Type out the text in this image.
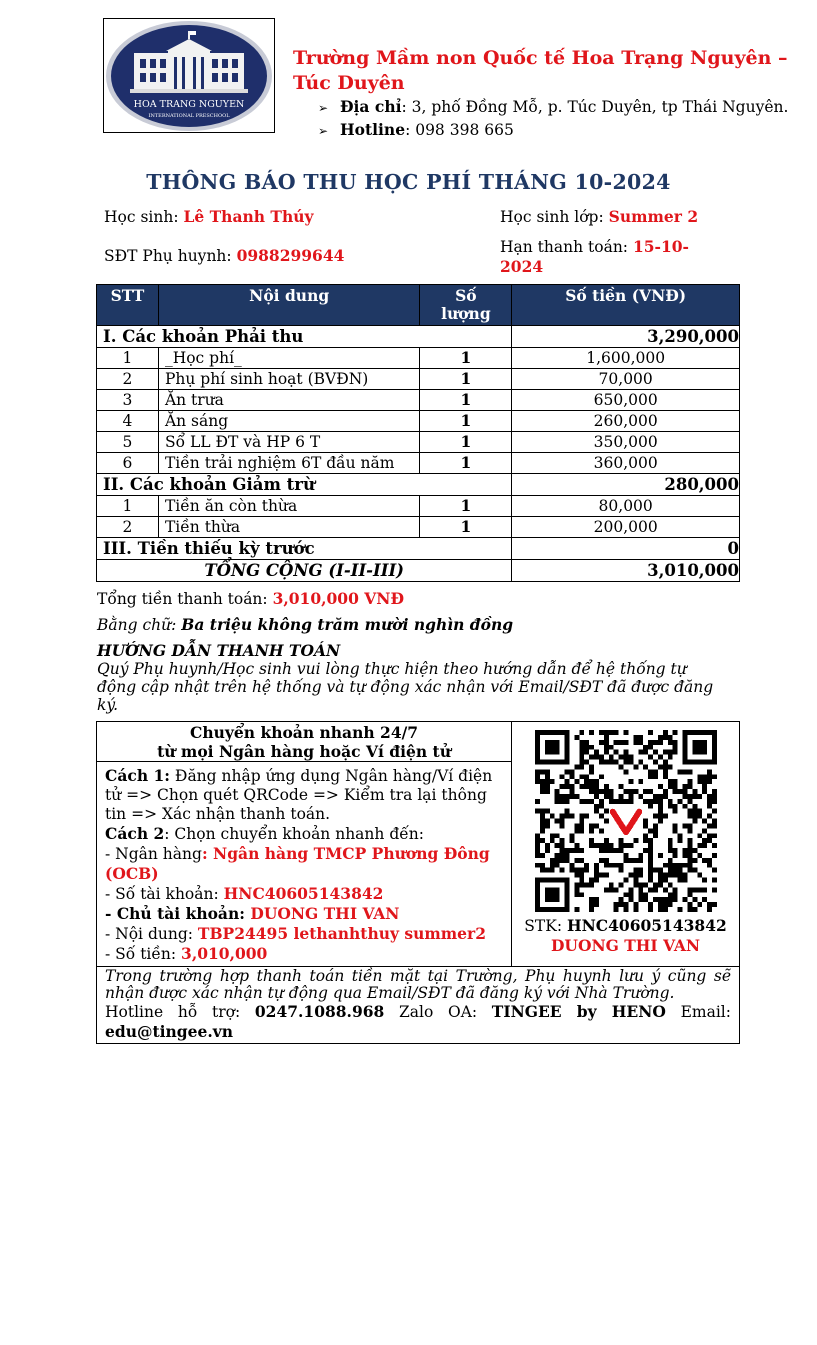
HOA TRANG NGUYEN
INTERNATIONAL PRESCHOOL
Trường Mầm non Quốc tế Hoa Trạng Nguyên – Túc Duyên
➢ Địa chỉ: 3, phố Đồng Mỗ, p. Túc Duyên, tp Thái Nguyên.
➢ Hotline: 098 398 665
THÔNG BÁO THU HỌC PHÍ THÁNG 10-2024
Học sinh: Lê Thanh Thúy	Học sinh lớp: Summer 2
SĐT Phụ huynh: 0988299644	Hạn thanh toán: 15-10-2024
STT	Nội dung	Số lượng	Số tiền (VNĐ)
I. Các khoản Phải thu			3,290,000
1	_Học phí_	1	1,600,000
2	Phụ phí sinh hoạt (BVĐN)	1	70,000
3	Ăn trưa	1	650,000
4	Ăn sáng	1	260,000
5	Sổ LL ĐT và HP 6 T	1	350,000
6	Tiền trải nghiệm 6T đầu năm	1	360,000
II. Các khoản Giảm trừ			280,000
1	Tiền ăn còn thừa	1	80,000
2	Tiền thừa	1	200,000
III. Tiền thiếu kỳ trước			0
TỔNG CỘNG (I-II-III)			3,010,000
Tổng tiền thanh toán: 3,010,000 VNĐ
Bằng chữ: Ba triệu không trăm mười nghìn đồng
HƯỚNG DẪN THANH TOÁN
Quý Phụ huynh/Học sinh vui lòng thực hiện theo hướng dẫn để hệ thống tự động cập nhật trên hệ thống và tự động xác nhận với Email/SĐT đã được đăng ký.
Chuyển khoản nhanh 24/7
từ mọi Ngân hàng hoặc Ví điện tử

STK: HNC40605143842
DUONG THI VAN

Cách 1: Đăng nhập ứng dụng Ngân hàng/Ví điện tử => Chọn quét QRCode => Kiểm tra lại thông tin => Xác nhận thanh toán.
Cách 2: Chọn chuyển khoản nhanh đến:
- Ngân hàng: Ngân hàng TMCP Phương Đông (OCB)
- Số tài khoản: HNC40605143842
- Chủ tài khoản: DUONG THI VAN
- Nội dung: TBP24495 lethanhthuy summer2
- Số tiền: 3,010,000

Trong trường hợp thanh toán tiền mặt tại Trường, Phụ huynh lưu ý cũng sẽ nhận được xác nhận tự động qua Email/SĐT đã đăng ký với Nhà Trường.
Hotline hỗ trợ: 0247.1088.968 Zalo OA: TINGEE by HENO Email:
edu@tingee.vn
